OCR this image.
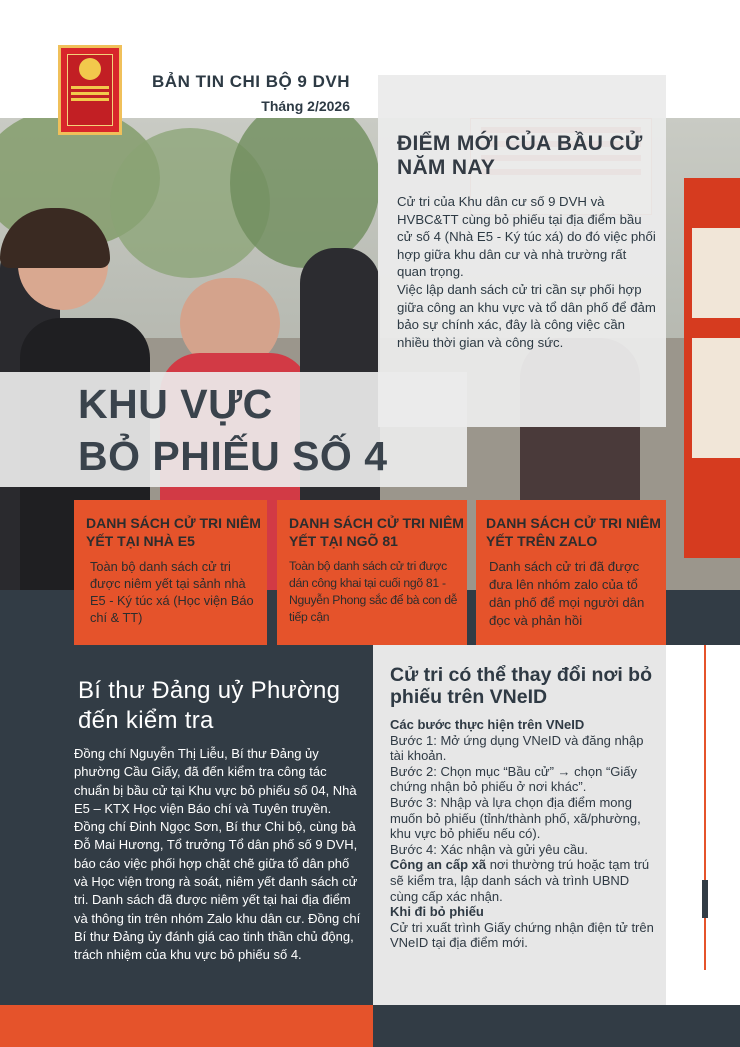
BẢN TIN CHI BỘ 9 DVH
Tháng 2/2026
ĐIỂM MỚI CỦA BẦU CỬ NĂM NAY

Cử tri của Khu dân cư số 9 DVH và HVBC&TT cùng bỏ phiếu tại địa điểm bầu cử số 4 (Nhà E5 - Ký túc xá) do đó việc phối hợp giữa khu dân cư và nhà trường rất quan trọng.

Việc lập danh sách cử tri cần sự phối hợp giữa công an khu vực và tổ dân phố để đảm bảo sự chính xác, đây là công việc cần nhiều thời gian và công sức.

KHU VỰC
BỎ PHIẾU SỐ 4
DANH SÁCH CỬ TRI NIÊM YẾT TẠI NHÀ E5
Toàn bộ danh sách cử tri được niêm yết tại sảnh nhà E5 - Ký túc xá (Học viện Báo chí & TT)
DANH SÁCH CỬ TRI NIÊM YẾT TẠI NGÕ 81
Toàn bộ danh sách cử tri được dán công khai tại cuối ngõ 81 - Nguyễn Phong sắc để bà con dễ tiếp cận
DANH SÁCH CỬ TRI NIÊM YẾT TRÊN ZALO
Danh sách cử tri đã được đưa lên nhóm zalo của tổ dân phố để mọi người dân đọc và phản hồi
Bí thư Đảng uỷ Phường đến kiểm tra
Đồng chí Nguyễn Thị Liễu, Bí thư Đảng ủy phường Cầu Giấy, đã đến kiểm tra công tác chuẩn bị bầu cử tại Khu vực bỏ phiếu số 04, Nhà E5 – KTX Học viện Báo chí và Tuyên truyền. Đồng chí Đinh Ngọc Sơn, Bí thư Chi bộ, cùng bà Đỗ Mai Hương, Tổ trưởng Tổ dân phố số 9 DVH, báo cáo việc phối hợp chặt chẽ giữa tổ dân phố và Học viện trong rà soát, niêm yết danh sách cử tri. Danh sách đã được niêm yết tại hai địa điểm và thông tin trên nhóm Zalo khu dân cư. Đồng chí Bí thư Đảng ủy đánh giá cao tinh thần chủ động, trách nhiệm của khu vực bỏ phiếu số 4.
Cử tri có thể thay đổi nơi bỏ phiếu trên VNeID

Các bước thực hiện trên VNeID

Bước 1: Mở ứng dụng VNeID và đăng nhập tài khoản.

Bước 2: Chọn mục “Bầu cử” → chọn “Giấy chứng nhận bỏ phiếu ở nơi khác”.

Bước 3: Nhập và lựa chọn địa điểm mong muốn bỏ phiếu (tỉnh/thành phố, xã/phường, khu vực bỏ phiếu nếu có).

Bước 4: Xác nhận và gửi yêu cầu.

Công an cấp xã nơi thường trú hoặc tạm trú sẽ kiểm tra, lập danh sách và trình UBND cùng cấp xác nhận.

Khi đi bỏ phiếu

Cử tri xuất trình Giấy chứng nhận điện tử trên VNeID tại địa điểm mới.
